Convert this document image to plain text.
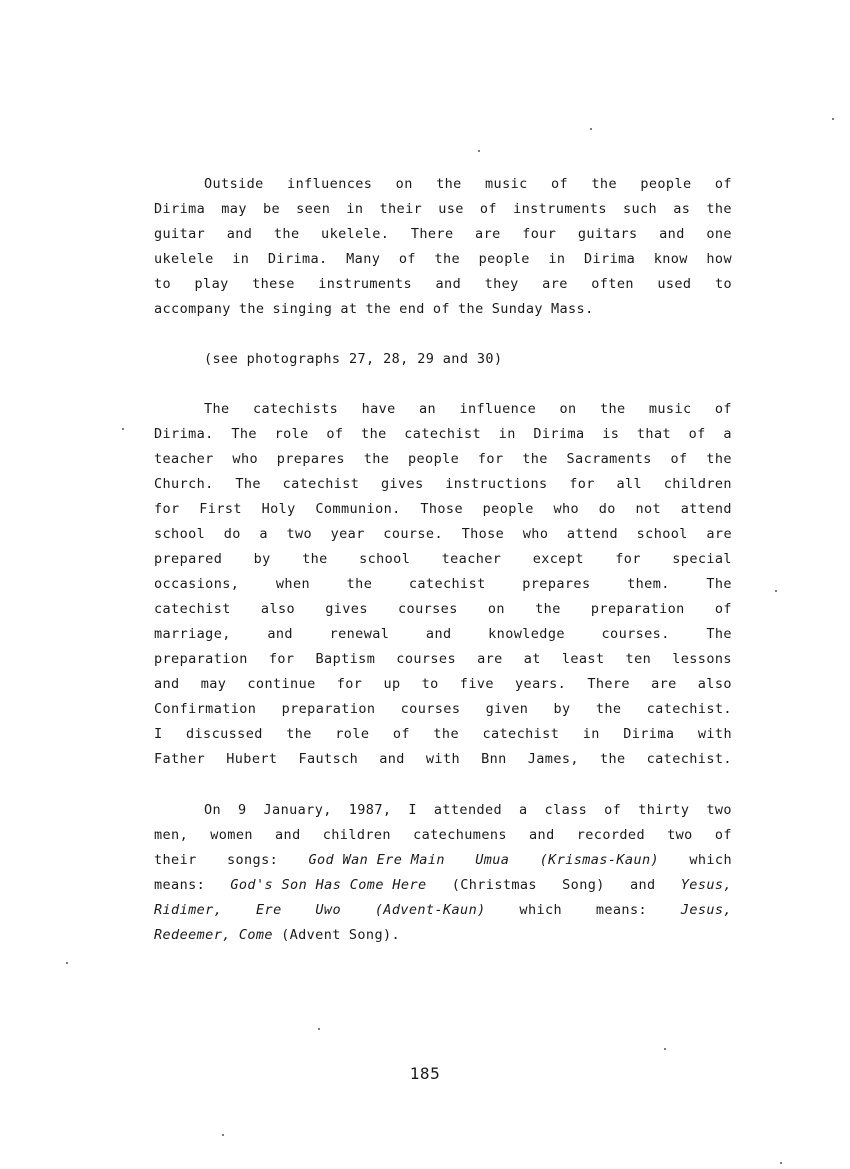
Outside influences on the music of the people of
Dirima may be seen in their use of instruments such as the
guitar and the ukelele. There are four guitars and one
ukelele in Dirima. Many of the people in Dirima know how
to play these instruments and they are often used to
accompany the singing at the end of the Sunday Mass.
(see photographs 27, 28, 29 and 30)
The catechists have an influence on the music of
Dirima. The role of the catechist in Dirima is that of a
teacher who prepares the people for the Sacraments of the
Church. The catechist gives instructions for all children
for First Holy Communion. Those people who do not attend
school do a two year course. Those who attend school are
prepared by the school teacher except for special
occasions,	when	the	catechist	prepares	them.	The
catechist also gives courses on the preparation of
marriage,	and	renewal	and	knowledge	courses.	The
preparation for Baptism courses are at least ten lessons
and may continue for up to five years. There are also
Confirmation preparation courses given by the catechist.
I discussed the role of the catechist in Dirima with
Father Hubert Fautsch and with Bnn James, the catechist.
On 9 January, 1987, I attended a class of thirty two
men, women and children catechumens and recorded two of
their songs: God Wan Ere Main Umua (Krismas-Kaun) which
means: God's Son Has Come Here (Christmas Song) and Yesus,
Ridimer,	Ere	Uwo	(Advent-Kaun)	which	means:	Jesus,
Redeemer, Come (Advent Song).
185
